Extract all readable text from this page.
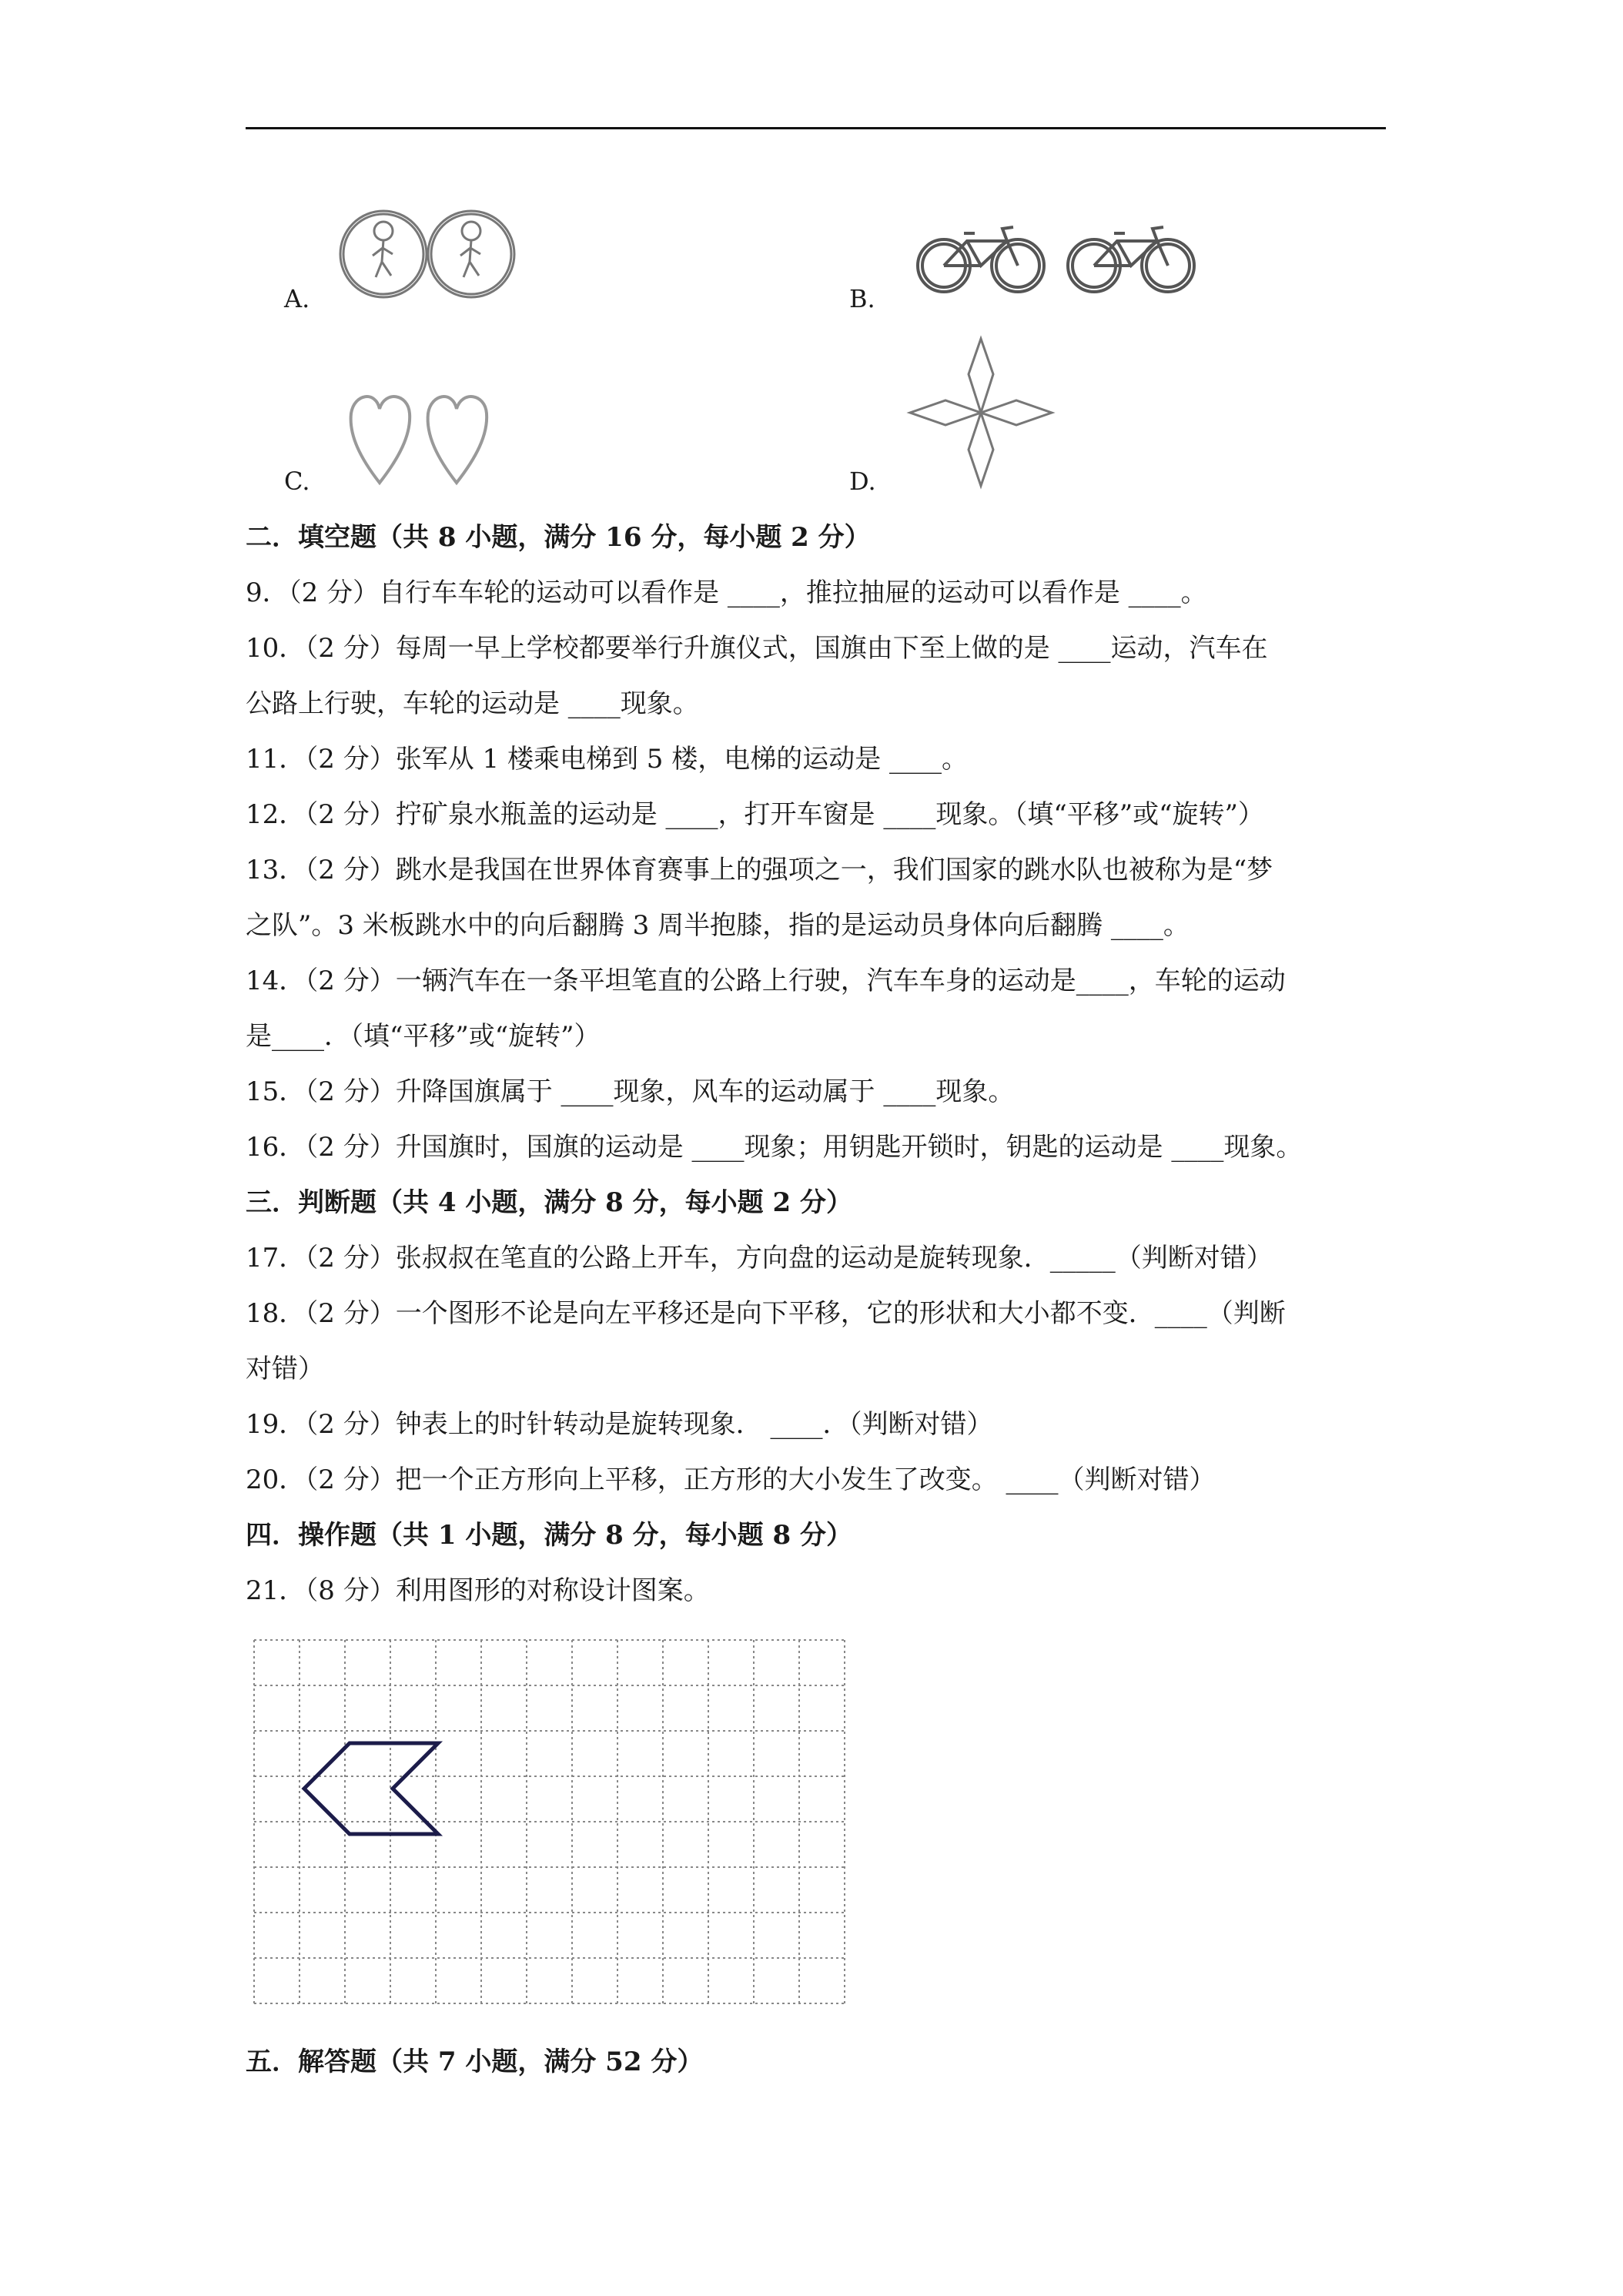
A.	B.
C.	D.
二．填空题（共 8 小题，满分 16 分，每小题 2 分）
9．（2 分）自行车车轮的运动可以看作是 ____，推拉抽屉的运动可以看作是 ____。
10．（2 分）每周一早上学校都要举行升旗仪式，国旗由下至上做的是 ____运动，汽车在
公路上行驶，车轮的运动是 ____现象。
11．（2 分）张军从 1 楼乘电梯到 5 楼，电梯的运动是 ____。
12．（2 分）拧矿泉水瓶盖的运动是 ____，打开车窗是 ____现象。（填“平移”或“旋转”）
13．（2 分）跳水是我国在世界体育赛事上的强项之一，我们国家的跳水队也被称为是“梦
之队”。3 米板跳水中的向后翻腾 3 周半抱膝，指的是运动员身体向后翻腾 ____。
14．（2 分）一辆汽车在一条平坦笔直的公路上行驶，汽车车身的运动是____，车轮的运动
是____．（填“平移”或“旋转”）
15．（2 分）升降国旗属于 ____现象，风车的运动属于 ____现象。
16．（2 分）升国旗时，国旗的运动是 ____现象；用钥匙开锁时，钥匙的运动是 ____现象。
三．判断题（共 4 小题，满分 8 分，每小题 2 分）
17．（2 分）张叔叔在笔直的公路上开车，方向盘的运动是旋转现象．_____（判断对错）
18．（2 分）一个图形不论是向左平移还是向下平移，它的形状和大小都不变．____（判断
对错）
19．（2 分）钟表上的时针转动是旋转现象． ____．（判断对错）
20．（2 分）把一个正方形向上平移，正方形的大小发生了改变。 ____（判断对错）
四．操作题（共 1 小题，满分 8 分，每小题 8 分）
21．（8 分）利用图形的对称设计图案。
五．解答题（共 7 小题，满分 52 分）
